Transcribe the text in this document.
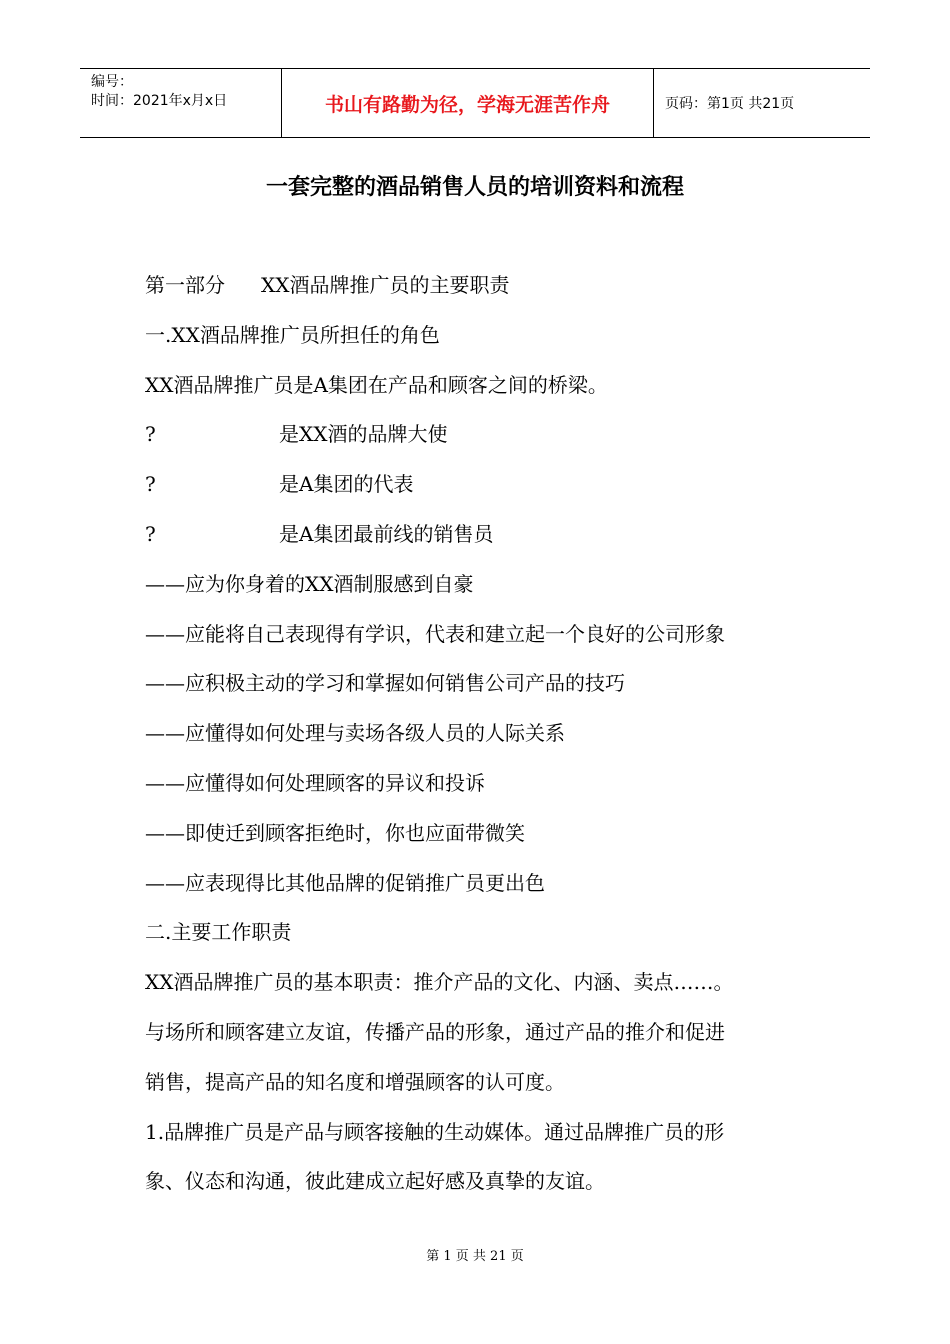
编号：
时间：2021年x月x日	书山有路勤为径，学海无涯苦作舟	页码：第1页 共21页
一套完整的酒品销售人员的培训资料和流程
第一部分 XX酒品牌推广员的主要职责
一.XX酒品牌推广员所担任的角色
XX酒品牌推广员是A集团在产品和顾客之间的桥梁。
?	是XX酒的品牌大使
?	是A集团的代表
?	是A集团最前线的销售员
——应为你身着的XX酒制服感到自豪
——应能将自己表现得有学识，代表和建立起一个良好的公司形象
——应积极主动的学习和掌握如何销售公司产品的技巧
——应懂得如何处理与卖场各级人员的人际关系
——应懂得如何处理顾客的异议和投诉
——即使迁到顾客拒绝时，你也应面带微笑
——应表现得比其他品牌的促销推广员更出色
二.主要工作职责
XX酒品牌推广员的基本职责：推介产品的文化、内涵、卖点……。
与场所和顾客建立友谊，传播产品的形象，通过产品的推介和促进
销售，提高产品的知名度和增强顾客的认可度。
1.品牌推广员是产品与顾客接触的生动媒体。通过品牌推广员的形
象、仪态和沟通，彼此建成立起好感及真挚的友谊。
第 1 页 共 21 页
